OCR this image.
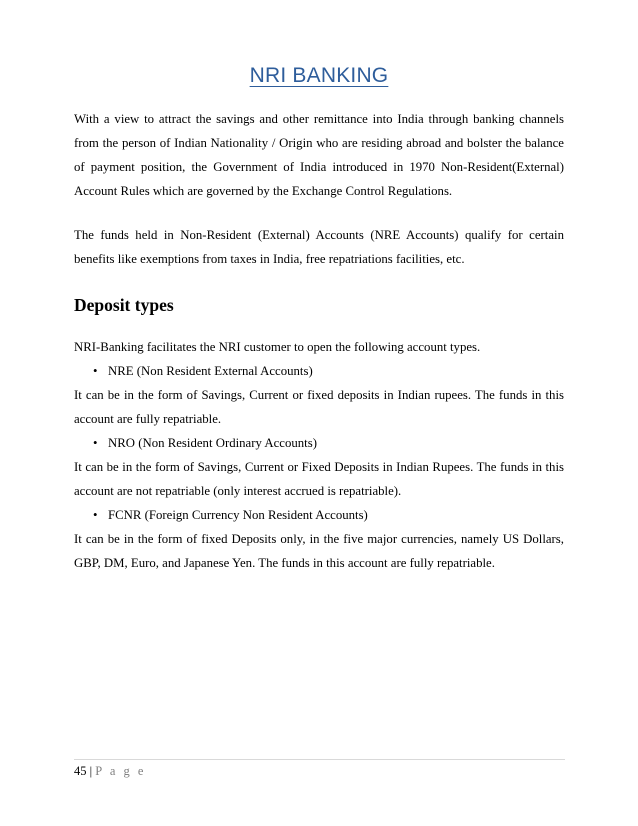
NRI BANKING

With a view to attract the savings and other remittance into India through banking channels from the person of Indian Nationality / Origin who are residing abroad and bolster the balance of payment position, the Government of India introduced in 1970 Non-Resident(External) Account Rules which are governed by the Exchange Control Regulations.

The funds held in Non-Resident (External) Accounts (NRE Accounts) qualify for certain benefits like exemptions from taxes in India, free repatriations facilities, etc.

Deposit types

NRI-Banking facilitates the NRI customer to open the following account types.

• NRE (Non Resident External Accounts)

It can be in the form of Savings, Current or fixed deposits in Indian rupees. The funds in this account are fully repatriable.

• NRO (Non Resident Ordinary Accounts)

It can be in the form of Savings, Current or Fixed Deposits in Indian Rupees. The funds in this account are not repatriable (only interest accrued is repatriable).

• FCNR (Foreign Currency Non Resident Accounts)

It can be in the form of fixed Deposits only, in the five major currencies, namely US Dollars, GBP, DM, Euro, and Japanese Yen. The funds in this account are fully repatriable.

45 | P a g e
